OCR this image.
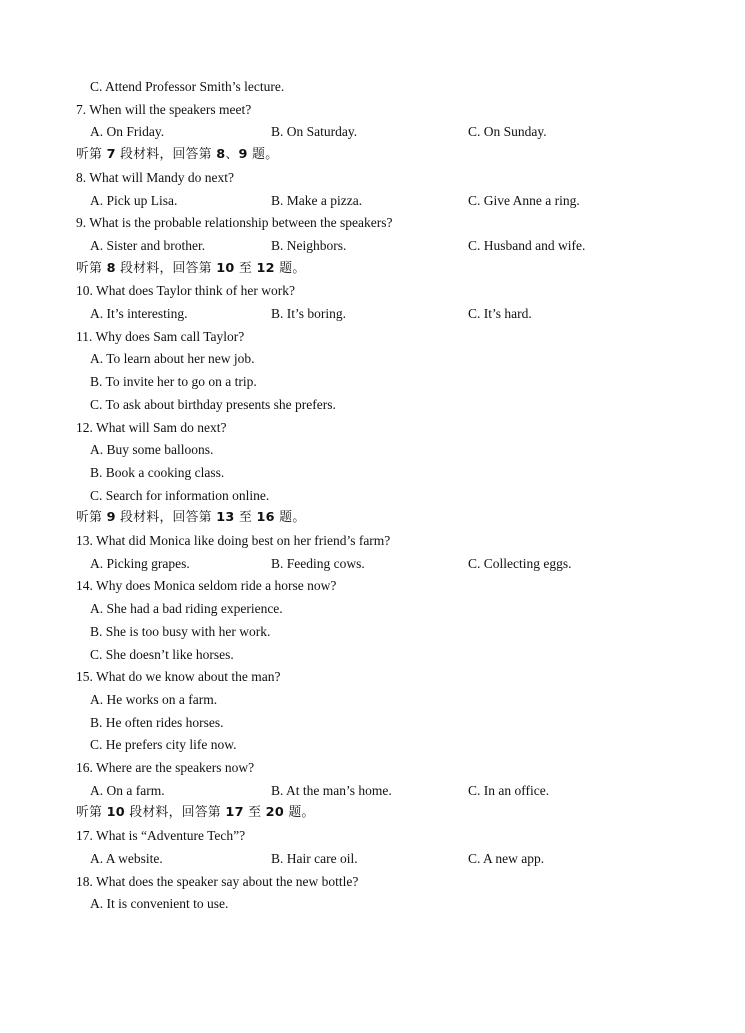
C. Attend Professor Smith’s lecture.
7. When will the speakers meet?
A. On Friday.	B. On Saturday.	C. On Sunday.
听第 7 段材料，回答第 8、9 题。
8. What will Mandy do next?
A. Pick up Lisa.	B. Make a pizza.	C. Give Anne a ring.
9. What is the probable relationship between the speakers?
A. Sister and brother.	B. Neighbors.	C. Husband and wife.
听第 8 段材料，回答第 10 至 12 题。
10. What does Taylor think of her work?
A. It’s interesting.	B. It’s boring.	C. It’s hard.
11. Why does Sam call Taylor?
A. To learn about her new job.
B. To invite her to go on a trip.
C. To ask about birthday presents she prefers.
12. What will Sam do next?
A. Buy some balloons.
B. Book a cooking class.
C. Search for information online.
听第 9 段材料，回答第 13 至 16 题。
13. What did Monica like doing best on her friend’s farm?
A. Picking grapes.	B. Feeding cows.	C. Collecting eggs.
14. Why does Monica seldom ride a horse now?
A. She had a bad riding experience.
B. She is too busy with her work.
C. She doesn’t like horses.
15. What do we know about the man?
A. He works on a farm.
B. He often rides horses.
C. He prefers city life now.
16. Where are the speakers now?
A. On a farm.	B. At the man’s home.	C. In an office.
听第 10 段材料，回答第 17 至 20 题。
17. What is “Adventure Tech”?
A. A website.	B. Hair care oil.	C. A new app.
18. What does the speaker say about the new bottle?
A. It is convenient to use.
